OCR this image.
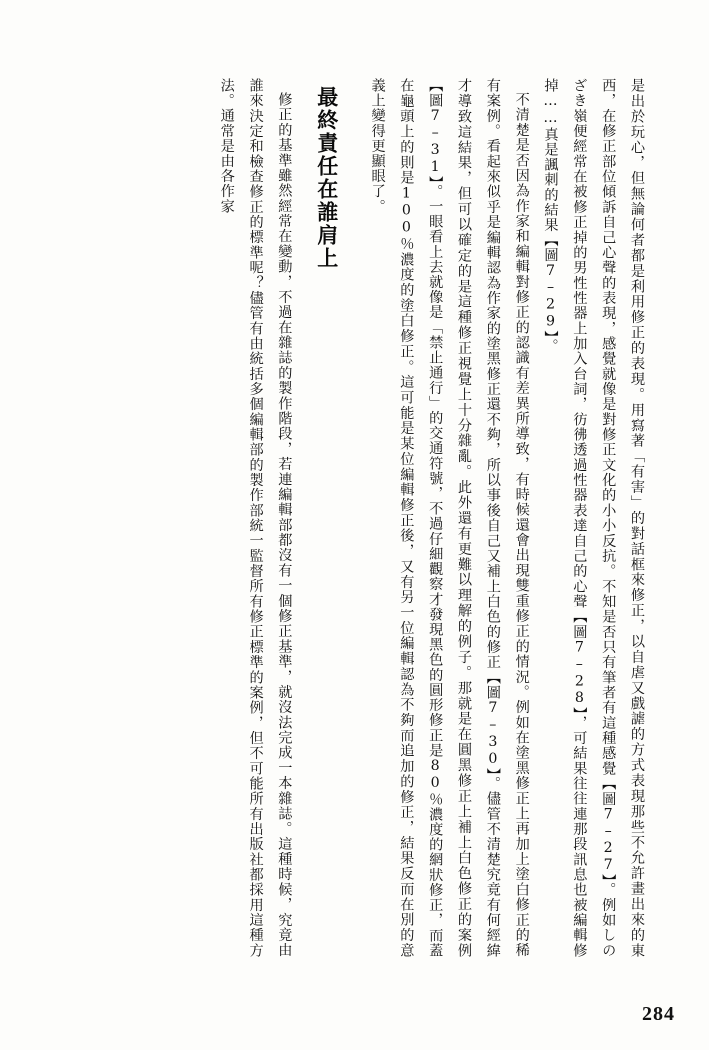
是出於玩心，但無論何者都是利用修正的表現。用寫著「有害」的對話框來修正，以自虐又戲謔的方式表現那些不允許畫出來的東西，在修正部位傾訴自己心聲的表現，感覺就像是對修正文化的小小反抗。不知是否只有筆者有這種感覺【圖7–27】。例如しのざき嶺便經常在被修正掉的男性性器上加入台詞，彷彿透過性器表達自己的心聲【圖7–28】，可結果往往連那段訊息也被編輯修掉……真是諷刺的結果【圖7–29】。

不清楚是否因為作家和編輯對修正的認識有差異所導致，有時候還會出現雙重修正的情況。例如在塗黑修正上再加上塗白修正的稀有案例。看起來似乎是編輯認為作家的塗黑修正還不夠，所以事後自己又補上白色的修正【圖7–30】。儘管不清楚究竟有何經緯才導致這結果，但可以確定的是這種修正視覺上十分雜亂。此外還有更難以理解的例子。那就是在圓黑修正上補上白色修正的案例【圖7–31】。一眼看上去就像是「禁止通行」的交通符號，不過仔細觀察才發現黑色的圓形修正是80％濃度的網狀修正，而蓋在龜頭上的則是100％濃度的塗白修正。這可能是某位編輯修正後，又有另一位編輯認為不夠而追加的修正，結果反而在別的意義上變得更顯眼了。

最終責任在誰肩上

修正的基準雖然經常在變動，不過在雜誌的製作階段，若連編輯部都沒有一個修正基準，就沒法完成一本雜誌。這種時候，究竟由誰來決定和檢查修正的標準呢？儘管有由統括多個編輯部的製作部統一監督所有修正標準的案例，但不可能所有出版社都採用這種方法。通常是由各作家

284
